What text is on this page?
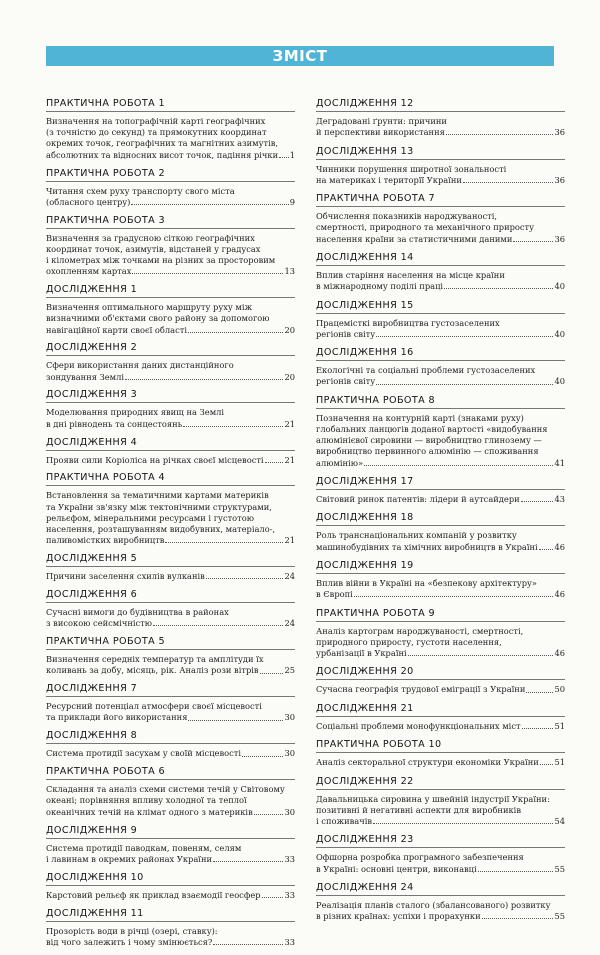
ЗМІСТ
ПРАКТИЧНА РОБОТА 1
Визначення на топографічній карті географічних
(з точністю до секунд) та прямокутних координат
окремих точок, географічних та магнітних азимутів,
абсолютних та відносних висот точок, падіння річки 1
ПРАКТИЧНА РОБОТА 2
Читання схем руху транспорту свого міста
(обласного центру)	9
ПРАКТИЧНА РОБОТА 3
Визначення за градусною сіткою географічних
координат точок, азимутів, відстаней у градусах
і кілометрах між точками на різних за просторовим
охопленням картах	13
ДОСЛІДЖЕННЯ 1
Визначення оптимального маршруту руху між
визначними об'єктами свого району за допомогою
навігаційної карти своєї області	20
ДОСЛІДЖЕННЯ 2
Сфери використання даних дистанційного
зондування Землі	20
ДОСЛІДЖЕННЯ 3
Моделювання природних явищ на Землі
в дні рівнодень та сонцестоянь	21
ДОСЛІДЖЕННЯ 4
Прояви сили Коріоліса на річках своєї місцевості	21
ПРАКТИЧНА РОБОТА 4
Встановлення за тематичними картами материків
та України зв'язку між тектонічними структурами,
рельєфом, мінеральними ресурсами і густотою
населення, розташуванням видобувних, матеріало-,
паливомістких виробництв	21
ДОСЛІДЖЕННЯ 5
Причини заселення схилів вулканів	24
ДОСЛІДЖЕННЯ 6
Сучасні вимоги до будівництва в районах
з високою сейсмічністю	24
ПРАКТИЧНА РОБОТА 5
Визначення середніх температур та амплітуди їх
коливань за добу, місяць, рік. Аналіз рози вітрів	25
ДОСЛІДЖЕННЯ 7
Ресурсний потенціал атмосфери своєї місцевості
та приклади його використання	30
ДОСЛІДЖЕННЯ 8
Система протидії засухам у своїй місцевості	30
ПРАКТИЧНА РОБОТА 6
Складання та аналіз схеми системи течій у Світовому
океані; порівняння впливу холодної та теплої
океанічних течій на клімат одного з материків	30
ДОСЛІДЖЕННЯ 9
Система протидії паводкам, повеням, селям
і лавинам в окремих районах України	33
ДОСЛІДЖЕННЯ 10
Карстовий рельєф як приклад взаємодії геосфер	33
ДОСЛІДЖЕННЯ 11
Прозорість води в річці (озері, ставку):
від чого залежить і чому змінюється?	33
ДОСЛІДЖЕННЯ 12
Деградовані ґрунти: причини
й перспективи використання	36
ДОСЛІДЖЕННЯ 13
Чинники порушення широтної зональності
на материках і територїї України	36
ПРАКТИЧНА РОБОТА 7
Обчислення показників народжуваності,
смертності, природного та механічного приросту
населення країни за статистичними даними	36
ДОСЛІДЖЕННЯ 14
Вплив старіння населення на місце країни
в міжнародному поділі праці	40
ДОСЛІДЖЕННЯ 15
Працемісткі виробництва густозаселених
регіонів світу	40
ДОСЛІДЖЕННЯ 16
Екологічні та соціальні проблеми густозаселених
регіонів світу	40
ПРАКТИЧНА РОБОТА 8
Позначення на контурній карті (знаками руху)
глобальних ланцюгів доданої вартості «видобування
алюмінієвої сировини — виробництво глинозему —
виробництво первинного алюмінію — споживання
алюмінію»	41
ДОСЛІДЖЕННЯ 17
Світовий ринок патентів: лідери й аутсайдери	43
ДОСЛІДЖЕННЯ 18
Роль транснаціональних компаній у розвитку
машинобудівних та хімічних виробництв в Україні 46
ДОСЛІДЖЕННЯ 19
Вплив війни в Україні на «безпекову архітектуру»
в Європі	46
ПРАКТИЧНА РОБОТА 9
Аналіз картограм народжуваності, смертності,
природного приросту, густоти населення,
урбанізації в Україні	46
ДОСЛІДЖЕННЯ 20
Сучасна географія трудової еміграції з України	50
ДОСЛІДЖЕННЯ 21
Соціальні проблеми монофункціональних міст	51
ПРАКТИЧНА РОБОТА 10
Аналіз секторальної структури економіки України 51
ДОСЛІДЖЕННЯ 22
Давальницька сировина у швейній індустрії України:
позитивні й негативні аспекти для виробників
і споживачів	54
ДОСЛІДЖЕННЯ 23
Офшорна розробка програмного забезпечення
в Україні: основні центри, виконавці	55
ДОСЛІДЖЕННЯ 24
Реалізація планів сталого (збалансованого) розвитку
в різних країнах: успіхи і прорахунки	55
